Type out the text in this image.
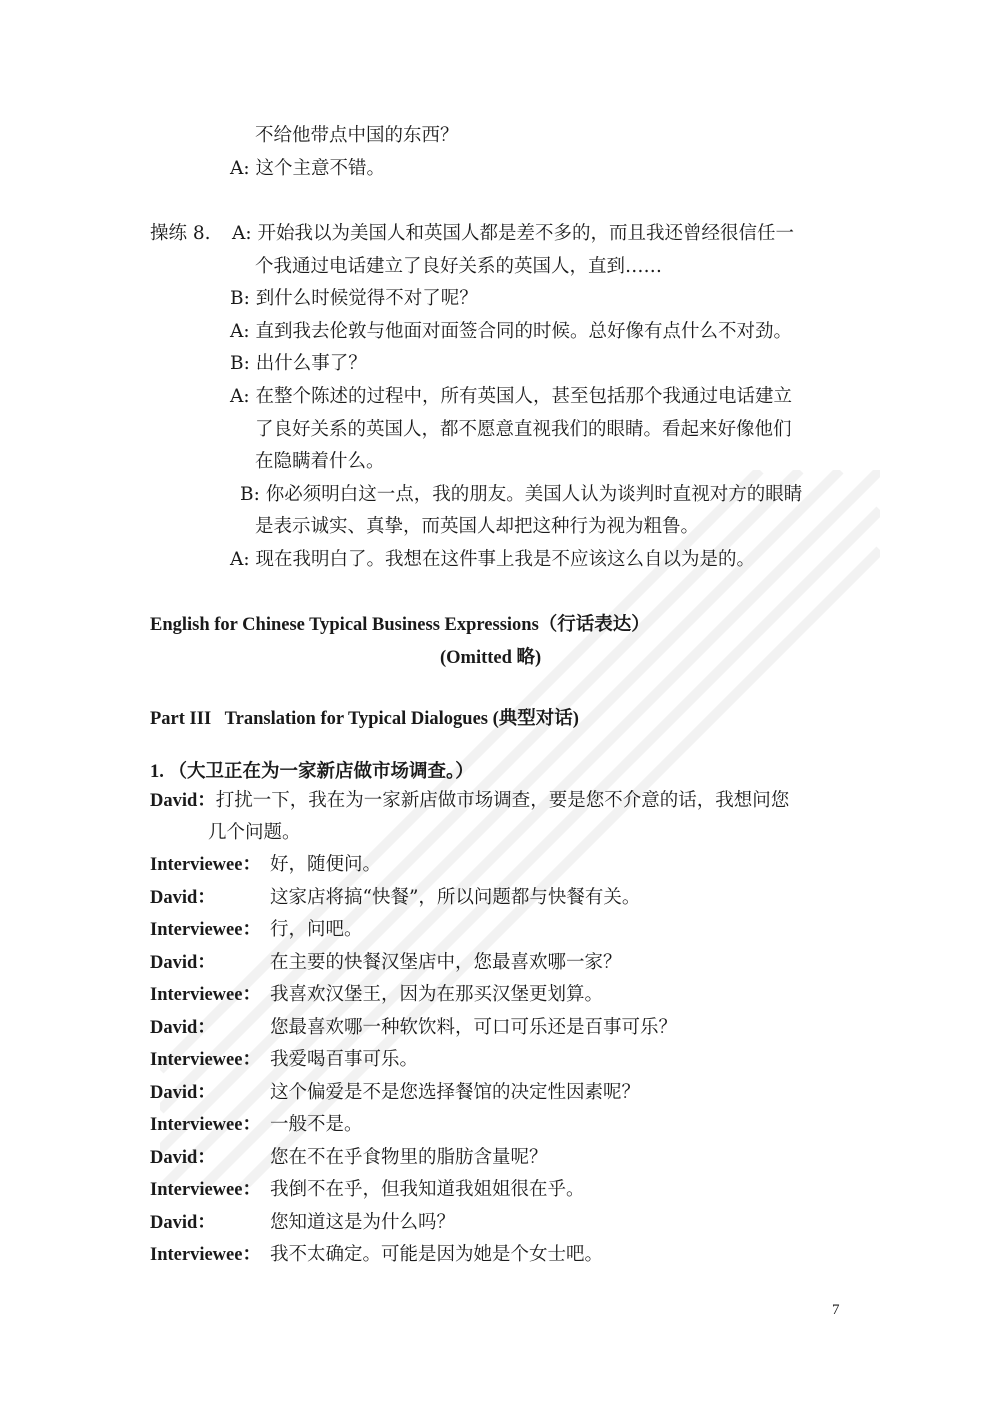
不给他带点中国的东西？
A: 这个主意不错。
操练 8. A: 开始我以为美国人和英国人都是差不多的，而且我还曾经很信任一
个我通过电话建立了良好关系的英国人，直到……
B: 到什么时候觉得不对了呢？
A: 直到我去伦敦与他面对面签合同的时候。总好像有点什么不对劲。
B: 出什么事了？
A: 在整个陈述的过程中，所有英国人，甚至包括那个我通过电话建立
了良好关系的英国人，都不愿意直视我们的眼睛。看起来好像他们
在隐瞒着什么。
B: 你必须明白这一点，我的朋友。美国人认为谈判时直视对方的眼睛
是表示诚实、真挚，而英国人却把这种行为视为粗鲁。
A: 现在我明白了。我想在这件事上我是不应该这么自以为是的。
English for Chinese Typical Business Expressions（行话表达）
(Omitted 略)
Part III   Translation for Typical Dialogues (典型对话)
1. （大卫正在为一家新店做市场调查。）
David：打扰一下，我在为一家新店做市场调查，要是您不介意的话，我想问您
几个问题。
Interviewee： 好，随便问。
David：	这家店将搞“快餐”，所以问题都与快餐有关。
Interviewee： 行，问吧。
David：	在主要的快餐汉堡店中，您最喜欢哪一家？
Interviewee： 我喜欢汉堡王，因为在那买汉堡更划算。
David：	您最喜欢哪一种软饮料，可口可乐还是百事可乐？
Interviewee： 我爱喝百事可乐。
David：	这个偏爱是不是您选择餐馆的决定性因素呢？
Interviewee： 一般不是。
David：	您在不在乎食物里的脂肪含量呢？
Interviewee： 我倒不在乎，但我知道我姐姐很在乎。
David：	您知道这是为什么吗？
Interviewee： 我不太确定。可能是因为她是个女士吧。
7
